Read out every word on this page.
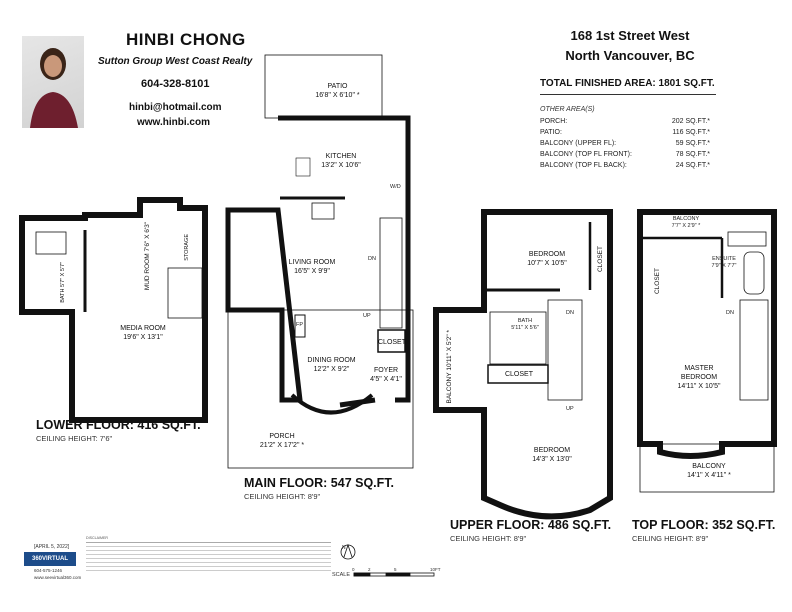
HINBI CHONG
Sutton Group West Coast Realty
604-328-8101
hinbi@hotmail.com
www.hinbi.com
168 1st Street West
North Vancouver, BC
TOTAL FINISHED AREA: 1801 SQ.FT.
OTHER AREA(S)
PORCH:	202 SQ.FT.*
PATIO:	116 SQ.FT.*
BALCONY (UPPER FL):	59 SQ.FT.*
BALCONY (TOP FL FRONT):	78 SQ.FT.*
BALCONY (TOP FL BACK):	24 SQ.FT.*
PATIO
16'8" X 6'10" *
KITCHEN
13'2" X 10'6"
LIVING ROOM
16'5" X 9'9"
DINING ROOM
12'2" X 9'2"	FOYER
4'5" X 4'1"
CLOSET
PORCH
21'2" X 17'2" *
DN
UP
W/D
FP
MAIN FLOOR: 547 SQ.FT.
CEILING HEIGHT: 8'9"
MEDIA ROOM
19'6" X 13'1"
MUD ROOM 7'6" X 6'3"	STORAGE
BATH 5'7" X 5'7"
LOWER FLOOR: 416 SQ.FT.
CEILING HEIGHT: 7'6"
BEDROOM
10'7" X 10'5"
BEDROOM
14'3" X 13'0"
CLOSET
CLOSET
BATH
5'11" X 5'6"
BALCONY 10'11" X 5'2" *
DN
UP
UPPER FLOOR: 486 SQ.FT.
CEILING HEIGHT: 8'9"
BALCONY
7'7" X 2'9" *
ENSUITE
7'9" X 7'7"
CLOSET
MASTER
BEDROOM
14'11" X 10'5"
BALCONY
14'1" X 4'11" *
DN
TOP FLOOR: 352 SQ.FT.
CEILING HEIGHT: 8'9"
[APRIL 5, 2022]
360VIRTUAL
604-575-1246
www.seevirtual360.com
DISCLAIMER
N
SCALE
0	2	5	10FT
